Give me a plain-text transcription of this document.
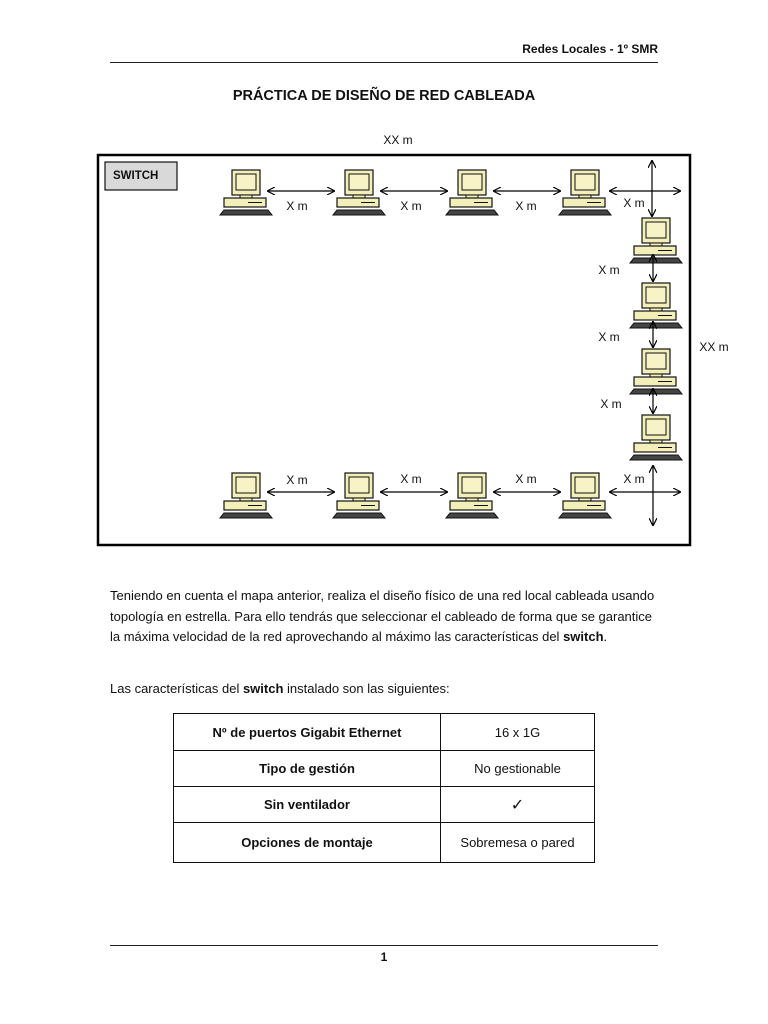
Redes Locales - 1º SMR
PRÁCTICA DE DISEÑO DE RED CABLEADA
XX m
XX m
SWITCH
X m	X m	X m	X m
X m
X m
X m
X m	X m	X m	X m

Teniendo en cuenta el mapa anterior, realiza el diseño físico de una red local cableada usando topología en estrella. Para ello tendrás que seleccionar el cableado de forma que se garantice la máxima velocidad de la red aprovechando al máximo las características del switch.

Las características del switch instalado son las siguientes:

Nº de puertos Gigabit Ethernet	16 x 1G
Tipo de gestión	No gestionable
Sin ventilador	✓
Opciones de montaje	Sobremesa o pared
1
